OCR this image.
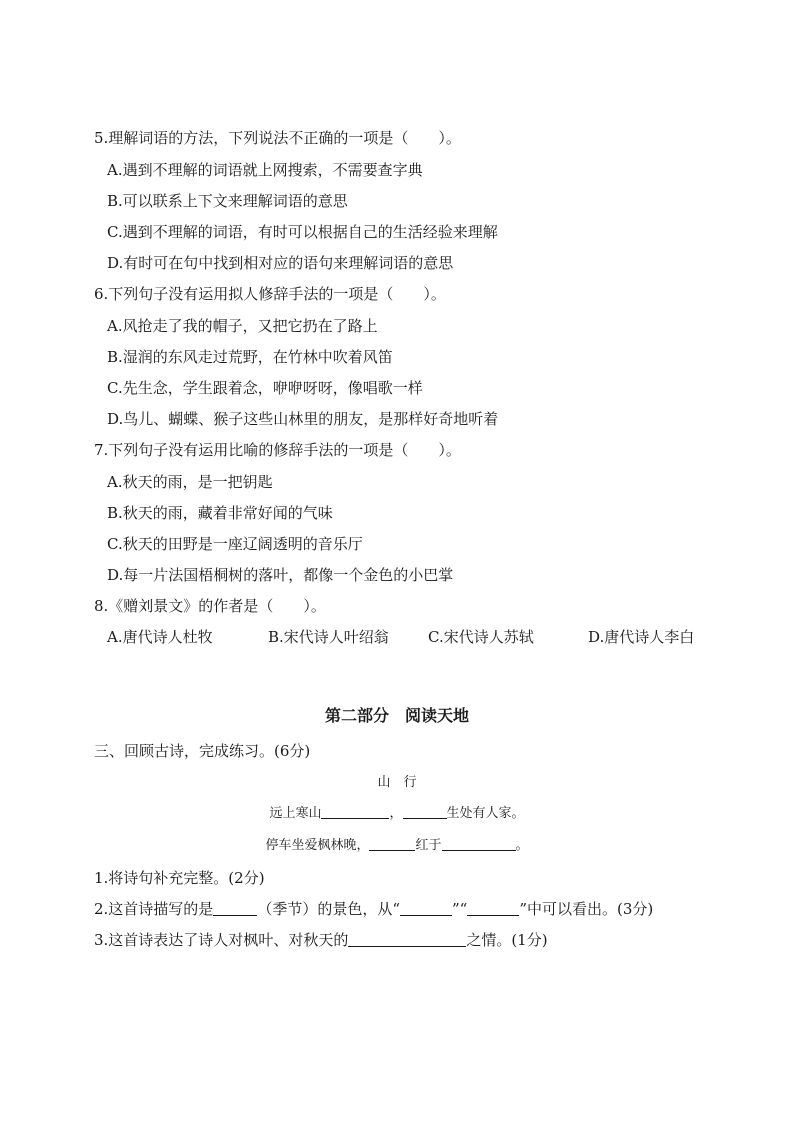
5.理解词语的方法，下列说法不正确的一项是（　　）。
A.遇到不理解的词语就上网搜索，不需要查字典
B.可以联系上下文来理解词语的意思
C.遇到不理解的词语，有时可以根据自己的生活经验来理解
D.有时可在句中找到相对应的语句来理解词语的意思
6.下列句子没有运用拟人修辞手法的一项是（　　）。
A.风抢走了我的帽子，又把它扔在了路上
B.湿润的东风走过荒野，在竹林中吹着风笛
C.先生念，学生跟着念，咿咿呀呀，像唱歌一样
D.鸟儿、蝴蝶、猴子这些山林里的朋友，是那样好奇地听着
7.下列句子没有运用比喻的修辞手法的一项是（　　）。
A.秋天的雨，是一把钥匙
B.秋天的雨，藏着非常好闻的气味
C.秋天的田野是一座辽阔透明的音乐厅
D.每一片法国梧桐树的落叶，都像一个金色的小巴掌
8.《赠刘景文》的作者是（　　）。
A.唐代诗人杜牧	B.宋代诗人叶绍翁	C.宋代诗人苏轼	D.唐代诗人李白
第二部分　阅读天地
三、回顾古诗，完成练习。(6分)
山　行
远上寒山	，	生处有人家。
停车坐爱枫林晚，	红于	。
1.将诗句补充完整。(2分)
2.这首诗描写的是	（季节）的景色，从“	”“	”中可以看出。(3分)
3.这首诗表达了诗人对枫叶、对秋天的	之情。(1分)
